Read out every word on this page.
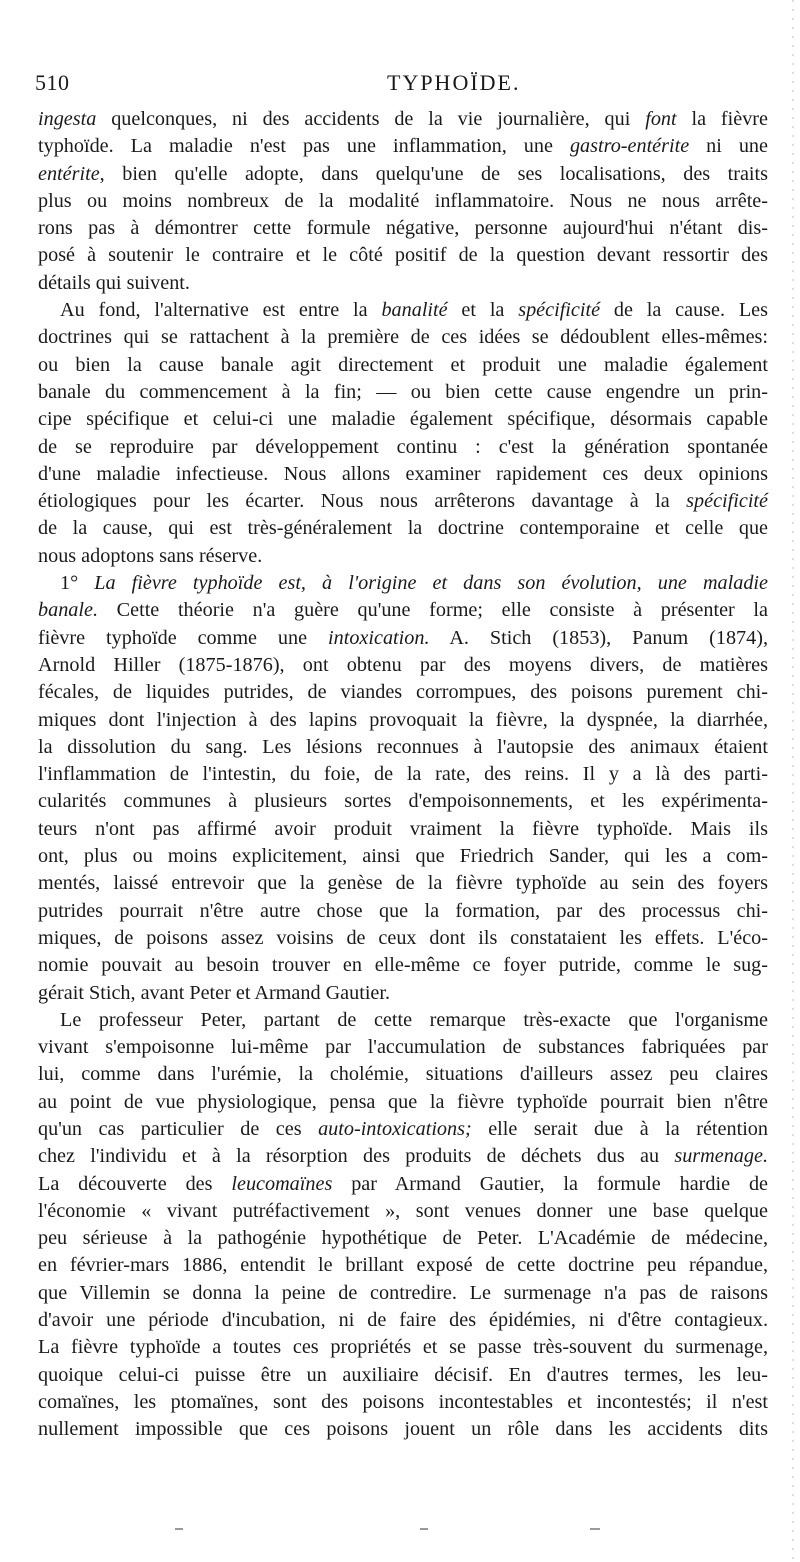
510	TYPHOÏDE.
ingesta quelconques, ni des accidents de la vie journalière, qui font la fièvre
typhoïde. La maladie n'est pas une inflammation, une gastro-entérite ni une
entérite, bien qu'elle adopte, dans quelqu'une de ses localisations, des traits
plus ou moins nombreux de la modalité inflammatoire. Nous ne nous arrête-
rons pas à démontrer cette formule négative, personne aujourd'hui n'étant dis-
posé à soutenir le contraire et le côté positif de la question devant ressortir des
détails qui suivent.
Au fond, l'alternative est entre la banalité et la spécificité de la cause. Les
doctrines qui se rattachent à la première de ces idées se dédoublent elles-mêmes:
ou bien la cause banale agit directement et produit une maladie également
banale du commencement à la fin; — ou bien cette cause engendre un prin-
cipe spécifique et celui-ci une maladie également spécifique, désormais capable
de se reproduire par développement continu : c'est la génération spontanée
d'une maladie infectieuse. Nous allons examiner rapidement ces deux opinions
étiologiques pour les écarter. Nous nous arrêterons davantage à la spécificité
de la cause, qui est très-généralement la doctrine contemporaine et celle que
nous adoptons sans réserve.
1° La fièvre typhoïde est, à l'origine et dans son évolution, une maladie
banale. Cette théorie n'a guère qu'une forme; elle consiste à présenter la
fièvre typhoïde comme une intoxication. A. Stich (1853), Panum (1874),
Arnold Hiller (1875-1876), ont obtenu par des moyens divers, de matières
fécales, de liquides putrides, de viandes corrompues, des poisons purement chi-
miques dont l'injection à des lapins provoquait la fièvre, la dyspnée, la diarrhée,
la dissolution du sang. Les lésions reconnues à l'autopsie des animaux étaient
l'inflammation de l'intestin, du foie, de la rate, des reins. Il y a là des parti-
cularités communes à plusieurs sortes d'empoisonnements, et les expérimenta-
teurs n'ont pas affirmé avoir produit vraiment la fièvre typhoïde. Mais ils
ont, plus ou moins explicitement, ainsi que Friedrich Sander, qui les a com-
mentés, laissé entrevoir que la genèse de la fièvre typhoïde au sein des foyers
putrides pourrait n'être autre chose que la formation, par des processus chi-
miques, de poisons assez voisins de ceux dont ils constataient les effets. L'éco-
nomie pouvait au besoin trouver en elle-même ce foyer putride, comme le sug-
gérait Stich, avant Peter et Armand Gautier.
Le professeur Peter, partant de cette remarque très-exacte que l'organisme
vivant s'empoisonne lui-même par l'accumulation de substances fabriquées par
lui, comme dans l'urémie, la cholémie, situations d'ailleurs assez peu claires
au point de vue physiologique, pensa que la fièvre typhoïde pourrait bien n'être
qu'un cas particulier de ces auto-intoxications; elle serait due à la rétention
chez l'individu et à la résorption des produits de déchets dus au surmenage.
La découverte des leucomaïnes par Armand Gautier, la formule hardie de
l'économie « vivant putréfactivement », sont venues donner une base quelque
peu sérieuse à la pathogénie hypothétique de Peter. L'Académie de médecine,
en février-mars 1886, entendit le brillant exposé de cette doctrine peu répandue,
que Villemin se donna la peine de contredire. Le surmenage n'a pas de raisons
d'avoir une période d'incubation, ni de faire des épidémies, ni d'être contagieux.
La fièvre typhoïde a toutes ces propriétés et se passe très-souvent du surmenage,
quoique celui-ci puisse être un auxiliaire décisif. En d'autres termes, les leu-
comaïnes, les ptomaïnes, sont des poisons incontestables et incontestés; il n'est
nullement impossible que ces poisons jouent un rôle dans les accidents dits
